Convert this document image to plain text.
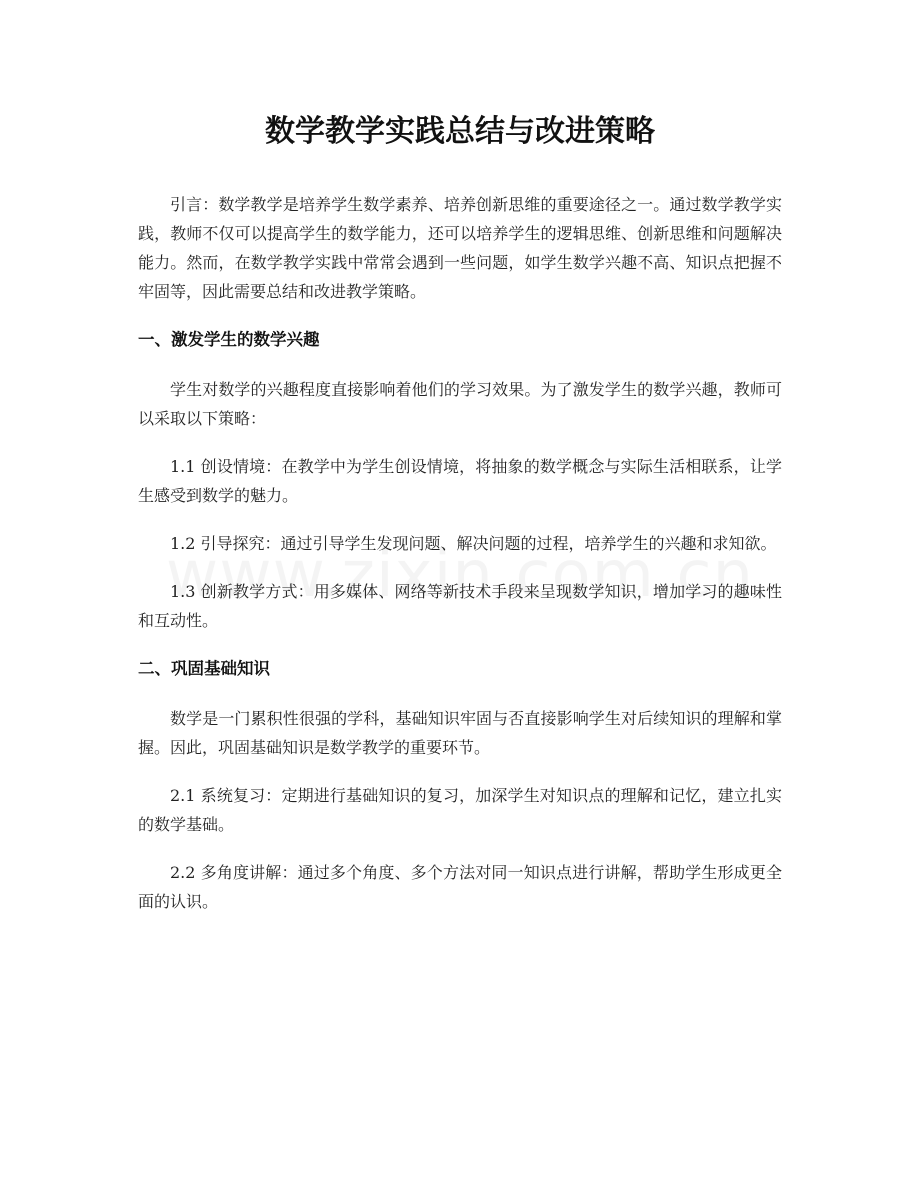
数学教学实践总结与改进策略

引言：数学教学是培养学生数学素养、培养创新思维的重要途径之一。通过数学教学实践，教师不仅可以提高学生的数学能力，还可以培养学生的逻辑思维、创新思维和问题解决能力。然而，在数学教学实践中常常会遇到一些问题，如学生数学兴趣不高、知识点把握不牢固等，因此需要总结和改进教学策略。

一、激发学生的数学兴趣

学生对数学的兴趣程度直接影响着他们的学习效果。为了激发学生的数学兴趣，教师可以采取以下策略：

1.1 创设情境：在教学中为学生创设情境，将抽象的数学概念与实际生活相联系，让学生感受到数学的魅力。

1.2 引导探究：通过引导学生发现问题、解决问题的过程，培养学生的兴趣和求知欲。

1.3 创新教学方式：用多媒体、网络等新技术手段来呈现数学知识，增加学习的趣味性和互动性。

二、巩固基础知识

数学是一门累积性很强的学科，基础知识牢固与否直接影响学生对后续知识的理解和掌握。因此，巩固基础知识是数学教学的重要环节。

2.1 系统复习：定期进行基础知识的复习，加深学生对知识点的理解和记忆，建立扎实的数学基础。

2.2 多角度讲解：通过多个角度、多个方法对同一知识点进行讲解，帮助学生形成更全面的认识。
